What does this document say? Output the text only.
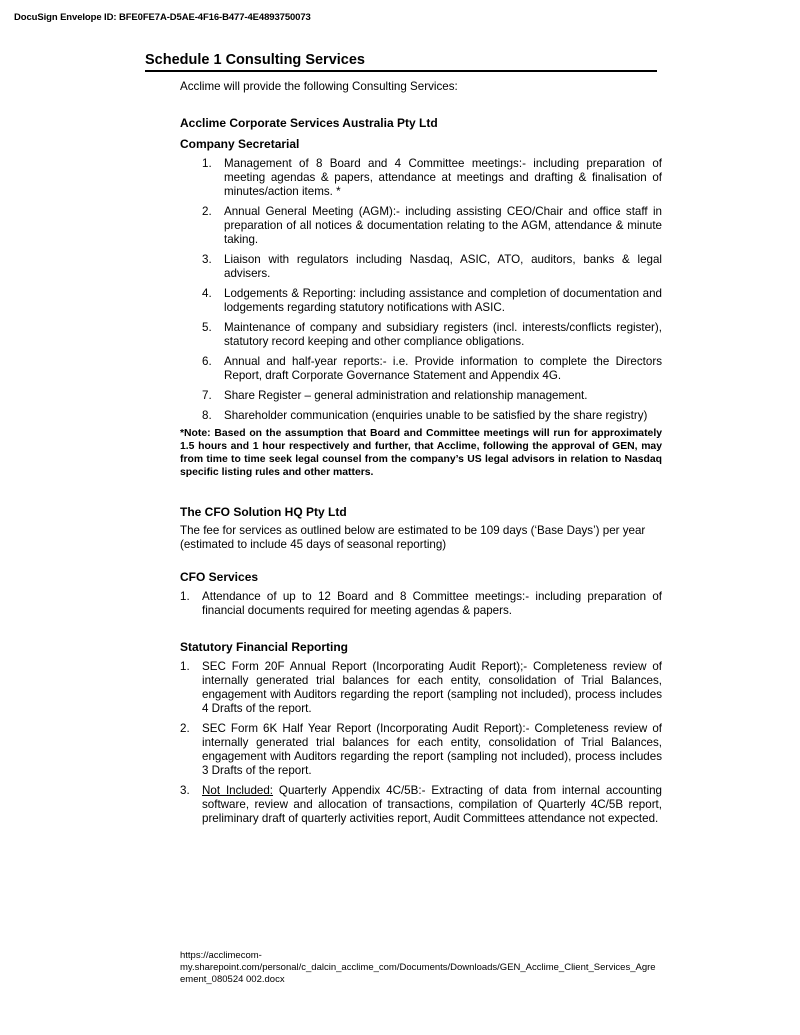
DocuSign Envelope ID: BFE0FE7A-D5AE-4F16-B477-4E4893750073
Schedule 1 Consulting Services

Acclime will provide the following Consulting Services:

Acclime Corporate Services Australia Pty Ltd
Company Secretarial
1. Management of 8 Board and 4 Committee meetings:- including preparation of meeting agendas & papers, attendance at meetings and drafting & finalisation of minutes/action items. *
2. Annual General Meeting (AGM):- including assisting CEO/Chair and office staff in preparation of all notices & documentation relating to the AGM, attendance & minute taking.
3. Liaison with regulators including Nasdaq, ASIC, ATO, auditors, banks & legal advisers.
4. Lodgements & Reporting: including assistance and completion of documentation and lodgements regarding statutory notifications with ASIC.
5. Maintenance of company and subsidiary registers (incl. interests/conflicts register), statutory record keeping and other compliance obligations.
6. Annual and half-year reports:- i.e. Provide information to complete the Directors Report, draft Corporate Governance Statement and Appendix 4G.
7. Share Register – general administration and relationship management.
8. Shareholder communication (enquiries unable to be satisfied by the share registry)

*Note: Based on the assumption that Board and Committee meetings will run for approximately 1.5 hours and 1 hour respectively and further, that Acclime, following the approval of GEN, may from time to time seek legal counsel from the company’s US legal advisors in relation to Nasdaq specific listing rules and other matters.

The CFO Solution HQ Pty Ltd

The fee for services as outlined below are estimated to be 109 days (‘Base Days’) per year (estimated to include 45 days of seasonal reporting)

CFO Services
1. Attendance of up to 12 Board and 8 Committee meetings:- including preparation of financial documents required for meeting agendas & papers.
Statutory Financial Reporting
1. SEC Form 20F Annual Report (Incorporating Audit Report);- Completeness review of internally generated trial balances for each entity, consolidation of Trial Balances, engagement with Auditors regarding the report (sampling not included), process includes 4 Drafts of the report.
2. SEC Form 6K Half Year Report (Incorporating Audit Report):- Completeness review of internally generated trial balances for each entity, consolidation of Trial Balances, engagement with Auditors regarding the report (sampling not included), process includes 3 Drafts of the report.
3. Not Included: Quarterly Appendix 4C/5B:- Extracting of data from internal accounting software, review and allocation of transactions, compilation of Quarterly 4C/5B report, preliminary draft of quarterly activities report, Audit Committees attendance not expected.
https://acclimecom-my.sharepoint.com/personal/c_dalcin_acclime_com/Documents/Downloads/GEN_Acclime_Client_Services_Agreement_080524 002.docx
